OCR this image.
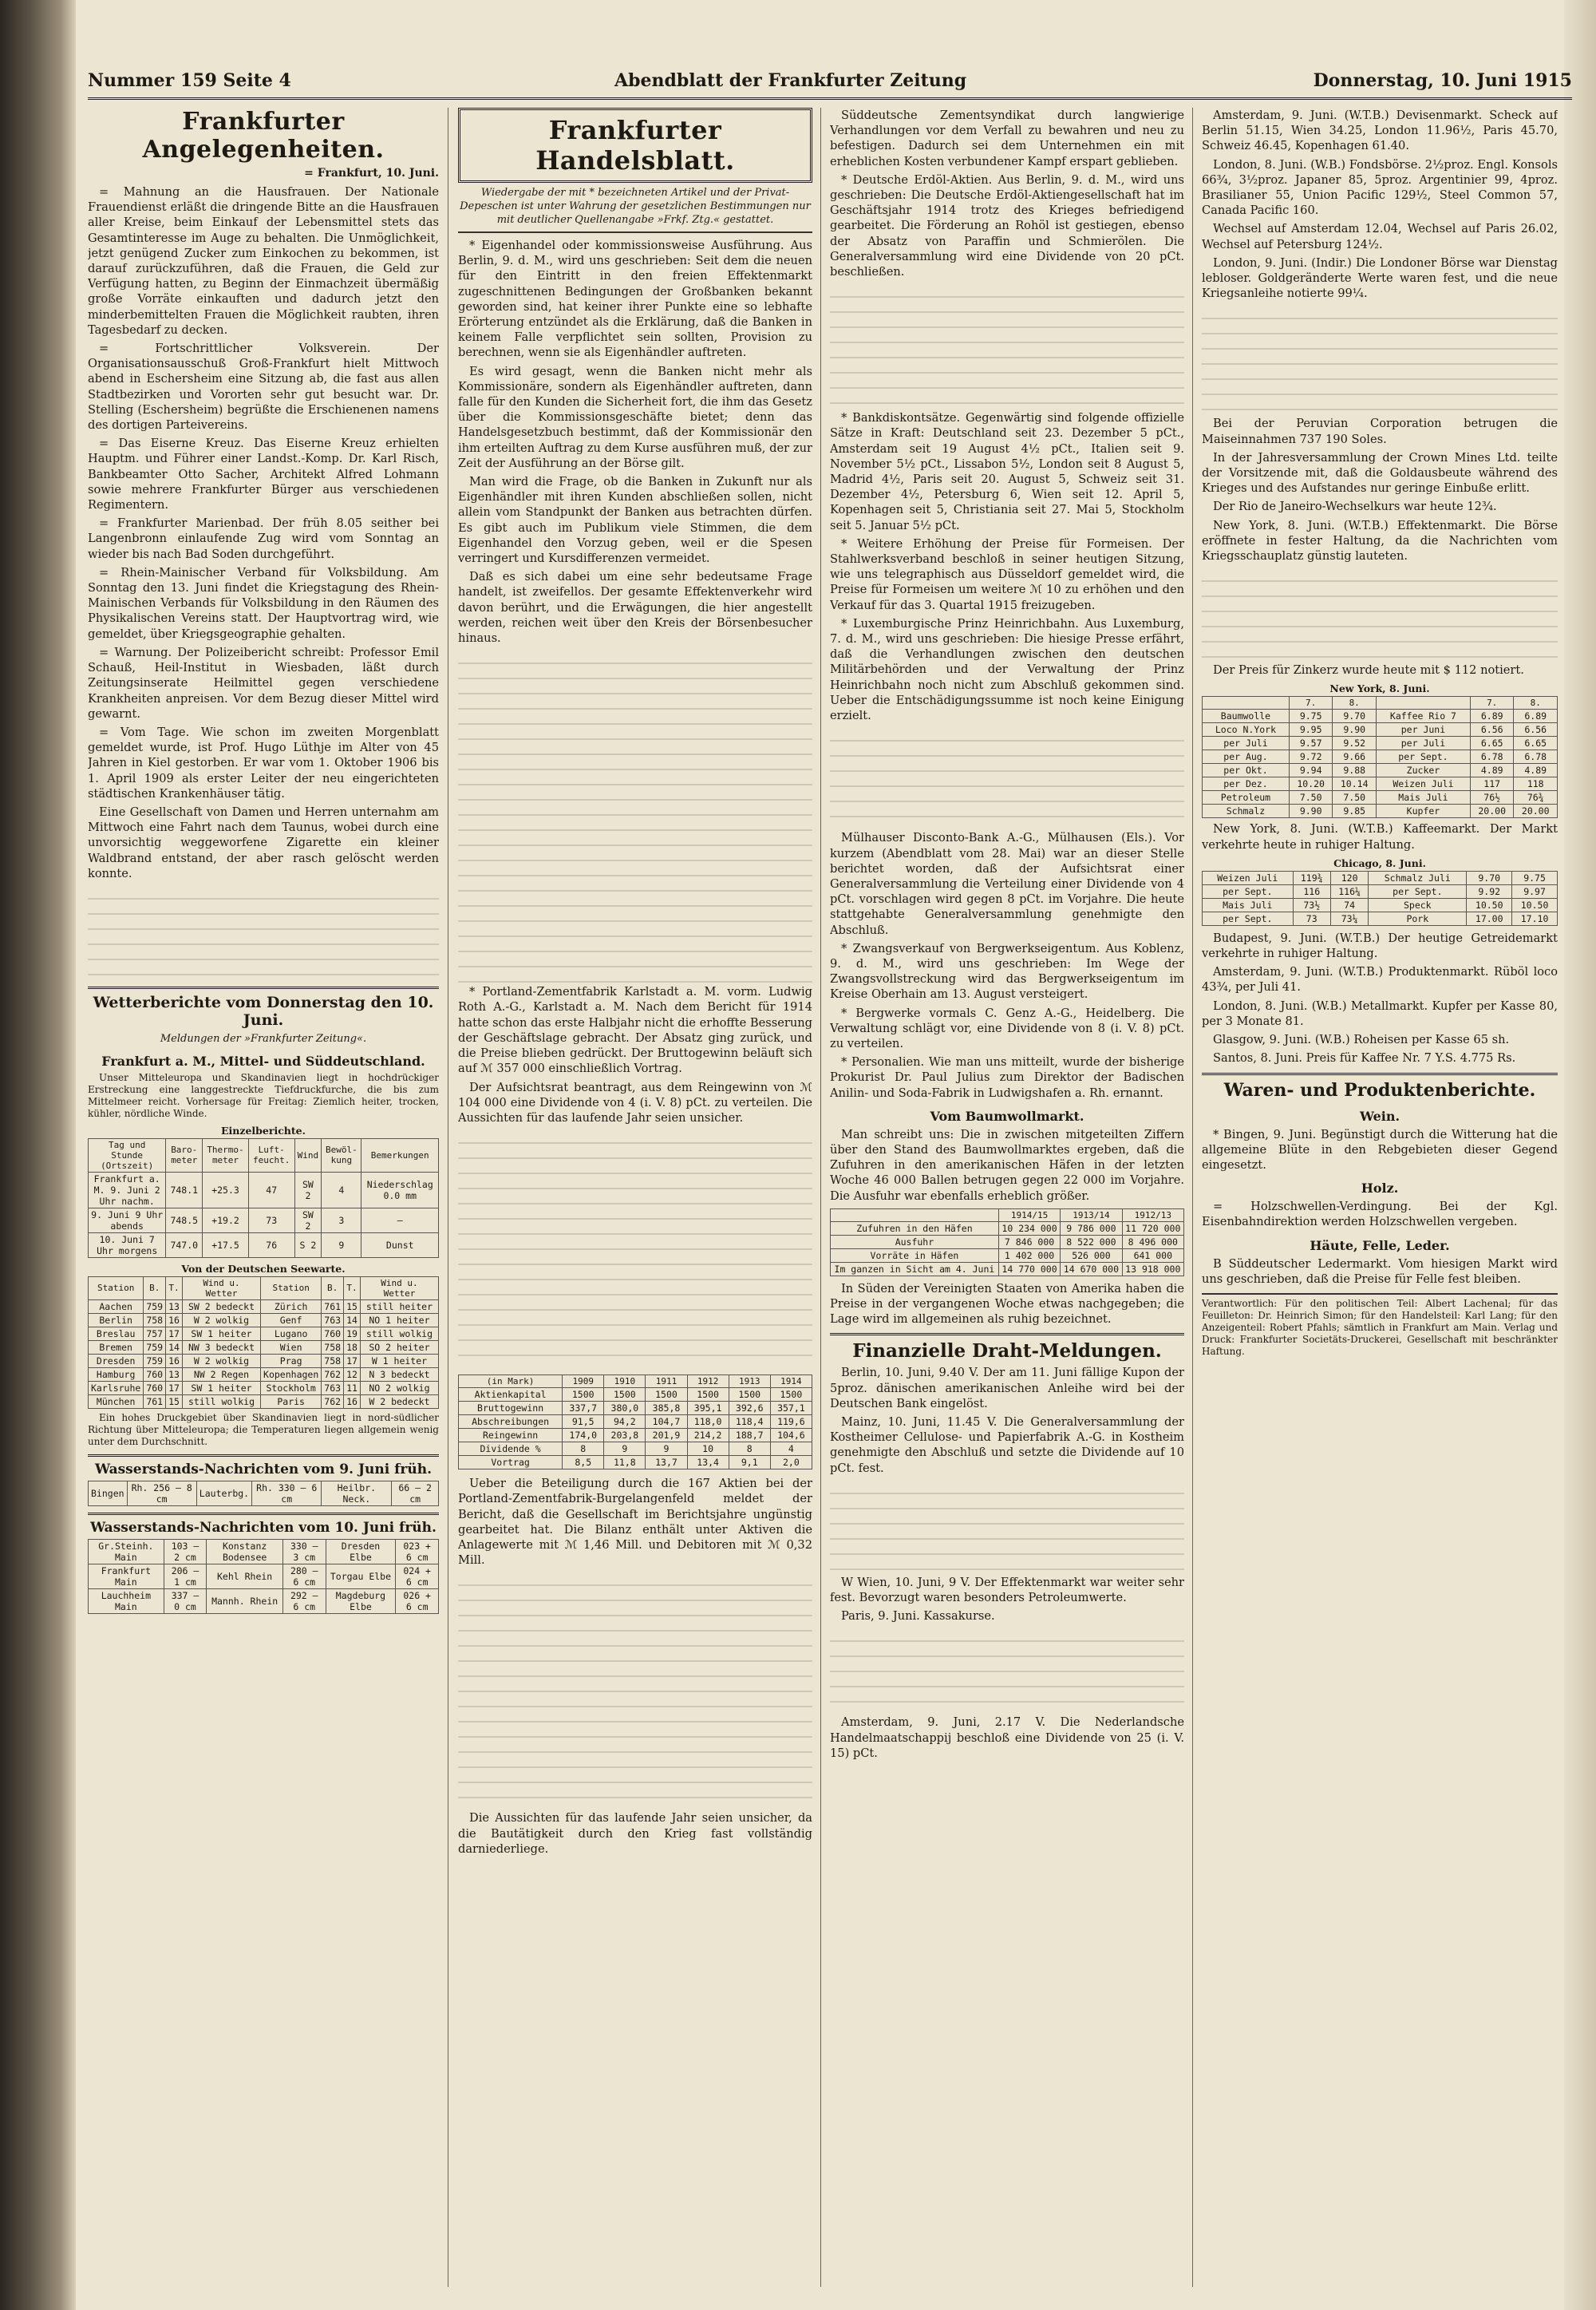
Nummer 159 Seite 4	Abendblatt der Frankfurter Zeitung	Donnerstag, 10. Juni 1915
Frankfurter Angelegenheiten.
= Frankfurt, 10. Juni.

= Mahnung an die Hausfrauen. Der Nationale Frauendienst erläßt die dringende Bitte an die Hausfrauen aller Kreise, beim Einkauf der Lebensmittel stets das Gesamtinteresse im Auge zu behalten. Die Unmöglichkeit, jetzt genügend Zucker zum Einkochen zu bekommen, ist darauf zurückzuführen, daß die Frauen, die Geld zur Verfügung hatten, zu Beginn der Einmachzeit übermäßig große Vorräte einkauften und dadurch jetzt den minderbemittelten Frauen die Möglichkeit raubten, ihren Tagesbedarf zu decken.

= Fortschrittlicher Volksverein. Der Organisationsausschuß Groß-Frankfurt hielt Mittwoch abend in Eschersheim eine Sitzung ab, die fast aus allen Stadtbezirken und Vororten sehr gut besucht war. Dr. Stelling (Eschersheim) begrüßte die Erschienenen namens des dortigen Parteivereins.

= Das Eiserne Kreuz. Das Eiserne Kreuz erhielten Hauptm. und Führer einer Landst.-Komp. Dr. Karl Risch, Bankbeamter Otto Sacher, Architekt Alfred Lohmann sowie mehrere Frankfurter Bürger aus verschiedenen Regimentern.

= Frankfurter Marienbad. Der früh 8.05 seither bei Langenbronn einlaufende Zug wird vom Sonntag an wieder bis nach Bad Soden durchgeführt.

= Rhein-Mainischer Verband für Volksbildung. Am Sonntag den 13. Juni findet die Kriegstagung des Rhein-Mainischen Verbands für Volksbildung in den Räumen des Physikalischen Vereins statt. Der Hauptvortrag wird, wie gemeldet, über Kriegsgeographie gehalten.

= Warnung. Der Polizeibericht schreibt: Professor Emil Schauß, Heil-Institut in Wiesbaden, läßt durch Zeitungsinserate Heilmittel gegen verschiedene Krankheiten anpreisen. Vor dem Bezug dieser Mittel wird gewarnt.

= Vom Tage. Wie schon im zweiten Morgenblatt gemeldet wurde, ist Prof. Hugo Lüthje im Alter von 45 Jahren in Kiel gestorben. Er war vom 1. Oktober 1906 bis 1. April 1909 als erster Leiter der neu eingerichteten städtischen Krankenhäuser tätig.

Eine Gesellschaft von Damen und Herren unternahm am Mittwoch eine Fahrt nach dem Taunus, wobei durch eine unvorsichtig weggeworfene Zigarette ein kleiner Waldbrand entstand, der aber rasch gelöscht werden konnte.

Wetterberichte vom Donnerstag den 10. Juni.
Meldungen der »Frankfurter Zeitung«.
Frankfurt a. M., Mittel- und Süddeutschland.

Unser Mitteleuropa und Skandinavien liegt in hochdrückiger Erstreckung eine langgestreckte Tiefdruckfurche, die bis zum Mittelmeer reicht. Vorhersage für Freitag: Ziemlich heiter, trocken, kühler, nördliche Winde.

Einzelberichte.
Tag und Stunde (Ortszeit)	Baro-meter	Thermo-meter	Luft-feucht.	Wind	Bewöl-kung	Bemerkungen
Frankfurt a. M. 9. Juni 2 Uhr nachm.	748.1	+25.3	47	SW 2	4	Niederschlag 0.0 mm
9. Juni 9 Uhr abends	748.5	+19.2	73	SW 2	3	—
10. Juni 7 Uhr morgens	747.0	+17.5	76	S 2	9	Dunst
Von der Deutschen Seewarte.
Station	B.	T.	Wind u. Wetter	Station	B.	T.	Wind u. Wetter
Aachen	759	13	SW 2 bedeckt	Zürich	761	15	still heiter
Berlin	758	16	W 2 wolkig	Genf	763	14	NO 1 heiter
Breslau	757	17	SW 1 heiter	Lugano	760	19	still wolkig
Bremen	759	14	NW 3 bedeckt	Wien	758	18	SO 2 heiter
Dresden	759	16	W 2 wolkig	Prag	758	17	W 1 heiter
Hamburg	760	13	NW 2 Regen	Kopenhagen	762	12	N 3 bedeckt
Karlsruhe	760	17	SW 1 heiter	Stockholm	763	11	NO 2 wolkig
München	761	15	still wolkig	Paris	762	16	W 2 bedeckt

Ein hohes Druckgebiet über Skandinavien liegt in nord-südlicher Richtung über Mitteleuropa; die Temperaturen liegen allgemein wenig unter dem Durchschnitt.

Wasserstands-Nachrichten vom 9. Juni früh.
Bingen	Rh. 256 — 8 cm	Lauterbg.	Rh. 330 — 6 cm	Heilbr. Neck.	66 — 2 cm
Wasserstands-Nachrichten vom 10. Juni früh.
Gr.Steinh. Main	103 — 2 cm	Konstanz Bodensee	330 — 3 cm	Dresden Elbe	023 + 6 cm
Frankfurt Main	206 — 1 cm	Kehl Rhein	280 — 6 cm	Torgau Elbe	024 + 6 cm
Lauchheim Main	337 — 0 cm	Mannh. Rhein	292 — 6 cm	Magdeburg Elbe	026 + 6 cm
Frankfurter Handelsblatt.
Wiedergabe der mit * bezeichneten Artikel und der Privat-Depeschen ist unter Wahrung der gesetzlichen Bestimmungen nur mit deutlicher Quellenangabe »Frkf. Ztg.« gestattet.

* Eigenhandel oder kommissionsweise Ausführung. Aus Berlin, 9. d. M., wird uns geschrieben: Seit dem die neuen für den Eintritt in den freien Effektenmarkt zugeschnittenen Bedingungen der Großbanken bekannt geworden sind, hat keiner ihrer Punkte eine so lebhafte Erörterung entzündet als die Erklärung, daß die Banken in keinem Falle verpflichtet sein sollten, Provision zu berechnen, wenn sie als Eigenhändler auftreten.

Es wird gesagt, wenn die Banken nicht mehr als Kommissionäre, sondern als Eigenhändler auftreten, dann falle für den Kunden die Sicherheit fort, die ihm das Gesetz über die Kommissionsgeschäfte bietet; denn das Handelsgesetzbuch bestimmt, daß der Kommissionär den ihm erteilten Auftrag zu dem Kurse ausführen muß, der zur Zeit der Ausführung an der Börse gilt.

Man wird die Frage, ob die Banken in Zukunft nur als Eigenhändler mit ihren Kunden abschließen sollen, nicht allein vom Standpunkt der Banken aus betrachten dürfen. Es gibt auch im Publikum viele Stimmen, die dem Eigenhandel den Vorzug geben, weil er die Spesen verringert und Kursdifferenzen vermeidet.

Daß es sich dabei um eine sehr bedeutsame Frage handelt, ist zweifellos. Der gesamte Effektenverkehr wird davon berührt, und die Erwägungen, die hier angestellt werden, reichen weit über den Kreis der Börsenbesucher hinaus.

* Portland-Zementfabrik Karlstadt a. M. vorm. Ludwig Roth A.-G., Karlstadt a. M. Nach dem Bericht für 1914 hatte schon das erste Halbjahr nicht die erhoffte Besserung der Geschäftslage gebracht. Der Absatz ging zurück, und die Preise blieben gedrückt. Der Bruttogewinn beläuft sich auf ℳ 357 000 einschließlich Vortrag.

Der Aufsichtsrat beantragt, aus dem Reingewinn von ℳ 104 000 eine Dividende von 4 (i. V. 8) pCt. zu verteilen. Die Aussichten für das laufende Jahr seien unsicher.

(in Mark)	1909	1910	1911	1912	1913	1914
Aktienkapital	1500	1500	1500	1500	1500	1500
Bruttogewinn	337,7	380,0	385,8	395,1	392,6	357,1
Abschreibungen	91,5	94,2	104,7	118,0	118,4	119,6
Reingewinn	174,0	203,8	201,9	214,2	188,7	104,6
Dividende %	8	9	9	10	8	4
Vortrag	8,5	11,8	13,7	13,4	9,1	2,0

Ueber die Beteiligung durch die 167 Aktien bei der Portland-Zementfabrik-Burgelangenfeld meldet der Bericht, daß die Gesellschaft im Berichtsjahre ungünstig gearbeitet hat. Die Bilanz enthält unter Aktiven die Anlagewerte mit ℳ 1,46 Mill. und Debitoren mit ℳ 0,32 Mill.

Die Aussichten für das laufende Jahr seien unsicher, da die Bautätigkeit durch den Krieg fast vollständig darniederliege.

Süddeutsche Zementsyndikat durch langwierige Verhandlungen vor dem Verfall zu bewahren und neu zu befestigen. Dadurch sei dem Unternehmen ein mit erheblichen Kosten verbundener Kampf erspart geblieben.

* Deutsche Erdöl-Aktien. Aus Berlin, 9. d. M., wird uns geschrieben: Die Deutsche Erdöl-Aktiengesellschaft hat im Geschäftsjahr 1914 trotz des Krieges befriedigend gearbeitet. Die Förderung an Rohöl ist gestiegen, ebenso der Absatz von Paraffin und Schmierölen. Die Generalversammlung wird eine Dividende von 20 pCt. beschließen.

* Bankdiskontsätze. Gegenwärtig sind folgende offizielle Sätze in Kraft: Deutschland seit 23. Dezember 5 pCt., Amsterdam seit 19 August 4½ pCt., Italien seit 9. November 5½ pCt., Lissabon 5½, London seit 8 August 5, Madrid 4½, Paris seit 20. August 5, Schweiz seit 31. Dezember 4½, Petersburg 6, Wien seit 12. April 5, Kopenhagen seit 5, Christiania seit 27. Mai 5, Stockholm seit 5. Januar 5½ pCt.

* Weitere Erhöhung der Preise für Formeisen. Der Stahlwerksverband beschloß in seiner heutigen Sitzung, wie uns telegraphisch aus Düsseldorf gemeldet wird, die Preise für Formeisen um weitere ℳ 10 zu erhöhen und den Verkauf für das 3. Quartal 1915 freizugeben.

* Luxemburgische Prinz Heinrichbahn. Aus Luxemburg, 7. d. M., wird uns geschrieben: Die hiesige Presse erfährt, daß die Verhandlungen zwischen den deutschen Militärbehörden und der Verwaltung der Prinz Heinrichbahn noch nicht zum Abschluß gekommen sind. Ueber die Entschädigungssumme ist noch keine Einigung erzielt.

Mülhauser Disconto-Bank A.-G., Mülhausen (Els.). Vor kurzem (Abendblatt vom 28. Mai) war an dieser Stelle berichtet worden, daß der Aufsichtsrat einer Generalversammlung die Verteilung einer Dividende von 4 pCt. vorschlagen wird gegen 8 pCt. im Vorjahre. Die heute stattgehabte Generalversammlung genehmigte den Abschluß.

* Zwangsverkauf von Bergwerkseigentum. Aus Koblenz, 9. d. M., wird uns geschrieben: Im Wege der Zwangsvollstreckung wird das Bergwerkseigentum im Kreise Oberhain am 13. August versteigert.

* Bergwerke vormals C. Genz A.-G., Heidelberg. Die Verwaltung schlägt vor, eine Dividende von 8 (i. V. 8) pCt. zu verteilen.

* Personalien. Wie man uns mitteilt, wurde der bisherige Prokurist Dr. Paul Julius zum Direktor der Badischen Anilin- und Soda-Fabrik in Ludwigshafen a. Rh. ernannt.

Vom Baumwollmarkt.

Man schreibt uns: Die in zwischen mitgeteilten Ziffern über den Stand des Baumwollmarktes ergeben, daß die Zufuhren in den amerikanischen Häfen in der letzten Woche 46 000 Ballen betrugen gegen 22 000 im Vorjahre. Die Ausfuhr war ebenfalls erheblich größer.

	1914/15	1913/14	1912/13
Zufuhren in den Häfen	10 234 000	9 786 000	11 720 000
Ausfuhr	7 846 000	8 522 000	8 496 000
Vorräte in Häfen	1 402 000	526 000	641 000
Im ganzen in Sicht am 4. Juni	14 770 000	14 670 000	13 918 000

In Süden der Vereinigten Staaten von Amerika haben die Preise in der vergangenen Woche etwas nachgegeben; die Lage wird im allgemeinen als ruhig bezeichnet.

Finanzielle Draht-Meldungen.

Berlin, 10. Juni, 9.40 V. Der am 11. Juni fällige Kupon der 5proz. dänischen amerikanischen Anleihe wird bei der Deutschen Bank eingelöst.

Mainz, 10. Juni, 11.45 V. Die Generalversammlung der Kostheimer Cellulose- und Papierfabrik A.-G. in Kostheim genehmigte den Abschluß und setzte die Dividende auf 10 pCt. fest.

W Wien, 10. Juni, 9 V. Der Effektenmarkt war weiter sehr fest. Bevorzugt waren besonders Petroleumwerte.

Paris, 9. Juni. Kassakurse.

Amsterdam, 9. Juni, 2.17 V. Die Nederlandsche Handelmaatschappij beschloß eine Dividende von 25 (i. V. 15) pCt.

Amsterdam, 9. Juni. (W.T.B.) Devisenmarkt. Scheck auf Berlin 51.15, Wien 34.25, London 11.96½, Paris 45.70, Schweiz 46.45, Kopenhagen 61.40.

London, 8. Juni. (W.B.) Fondsbörse. 2½proz. Engl. Konsols 66¾, 3½proz. Japaner 85, 5proz. Argentinier 99, 4proz. Brasilianer 55, Union Pacific 129½, Steel Common 57, Canada Pacific 160.

Wechsel auf Amsterdam 12.04, Wechsel auf Paris 26.02, Wechsel auf Petersburg 124½.

London, 9. Juni. (Indir.) Die Londoner Börse war Dienstag lebloser. Goldgeränderte Werte waren fest, und die neue Kriegsanleihe notierte 99¼.

Bei der Peruvian Corporation betrugen die Maiseinnahmen 737 190 Soles.

In der Jahresversammlung der Crown Mines Ltd. teilte der Vorsitzende mit, daß die Goldausbeute während des Krieges und des Aufstandes nur geringe Einbuße erlitt.

Der Rio de Janeiro-Wechselkurs war heute 12¾.

New York, 8. Juni. (W.T.B.) Effektenmarkt. Die Börse eröffnete in fester Haltung, da die Nachrichten vom Kriegsschauplatz günstig lauteten.

Der Preis für Zinkerz wurde heute mit $ 112 notiert.

New York, 8. Juni.
	7.	8.		7.	8.
Baumwolle	9.75	9.70	Kaffee Rio 7	6.89	6.89
Loco N.York	9.95	9.90	per Juni	6.56	6.56
per Juli	9.57	9.52	per Juli	6.65	6.65
per Aug.	9.72	9.66	per Sept.	6.78	6.78
per Okt.	9.94	9.88	Zucker	4.89	4.89
per Dez.	10.20	10.14	Weizen Juli	117	118
Petroleum	7.50	7.50	Mais Juli	76½	76¾
Schmalz	9.90	9.85	Kupfer	20.00	20.00

New York, 8. Juni. (W.T.B.) Kaffeemarkt. Der Markt verkehrte heute in ruhiger Haltung.

Chicago, 8. Juni.
Weizen Juli	119¾	120	Schmalz Juli	9.70	9.75
per Sept.	116	116¼	per Sept.	9.92	9.97
Mais Juli	73½	74	Speck	10.50	10.50
per Sept.	73	73¼	Pork	17.00	17.10

Budapest, 9. Juni. (W.T.B.) Der heutige Getreidemarkt verkehrte in ruhiger Haltung.

Amsterdam, 9. Juni. (W.T.B.) Produktenmarkt. Rüböl loco 43¾, per Juli 41.

London, 8. Juni. (W.B.) Metallmarkt. Kupfer per Kasse 80, per 3 Monate 81.

Glasgow, 9. Juni. (W.B.) Roheisen per Kasse 65 sh.

Santos, 8. Juni. Preis für Kaffee Nr. 7 Y.S. 4.775 Rs.

Waren- und Produktenberichte.
Wein.

* Bingen, 9. Juni. Begünstigt durch die Witterung hat die allgemeine Blüte in den Rebgebieten dieser Gegend eingesetzt.

Holz.

= Holzschwellen-Verdingung. Bei der Kgl. Eisenbahndirektion werden Holzschwellen vergeben.

Häute, Felle, Leder.

B Süddeutscher Ledermarkt. Vom hiesigen Markt wird uns geschrieben, daß die Preise für Felle fest bleiben.

Verantwortlich: Für den politischen Teil: Albert Lachenal; für das Feuilleton: Dr. Heinrich Simon; für den Handelsteil: Karl Lang; für den Anzeigenteil: Robert Pfahls; sämtlich in Frankfurt am Main. Verlag und Druck: Frankfurter Societäts-Druckerei, Gesellschaft mit beschränkter Haftung.
